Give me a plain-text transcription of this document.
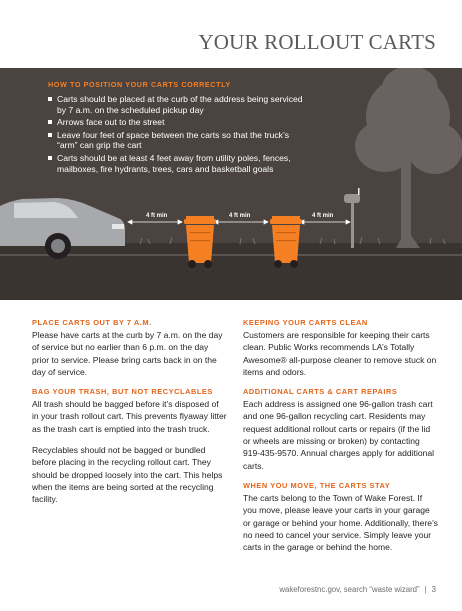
YOUR ROLLOUT CARTS
HOW TO POSITION YOUR CARTS CORRECTLY
Carts should be placed at the curb of the address being serviced by 7 a.m. on the scheduled pickup day
Arrows face out to the street
Leave four feet of space between the carts so that the truck’s “arm” can grip the cart
Carts should be at least 4 feet away from utility poles, fences, mailboxes, fire hydrants, trees, cars and basketball goals
4 ft min	4 ft min	4 ft min
PLACE CARTS OUT BY 7 A.M.

Please have carts at the curb by 7 a.m. on the day of service but no earlier than 6 p.m. on the day prior to service. Please bring carts back in on the day of service.

BAG YOUR TRASH, BUT NOT RECYCLABLES

All trash should be bagged before it’s disposed of in your trash rollout cart. This prevents flyaway litter as the trash cart is emptied into the trash truck.

Recyclables should not be bagged or bundled before placing in the recycling rollout cart. They should be dropped loosely into the cart. This helps when the items are being sorted at the recycling facility.

KEEPING YOUR CARTS CLEAN

Customers are responsible for keeping their carts clean. Public Works recommends LA’s Totally Awesome® all-purpose cleaner to remove stuck on items and odors.

ADDITIONAL CARTS & CART REPAIRS

Each address is assigned one 96-gallon trash cart and one 96-gallon recycling cart. Residents may request additional rollout carts or repairs (if the lid or wheels are missing or broken) by contacting 919-435-9570. Annual charges apply for additional carts.

WHEN YOU MOVE, THE CARTS STAY

The carts belong to the Town of Wake Forest. If you move, please leave your carts in your garage or garage or behind your home. Additionally, there’s no need to cancel your service. Simply leave your carts in the garage or behind the home.

wakeforestnc.gov, search “waste wizard” | 3
